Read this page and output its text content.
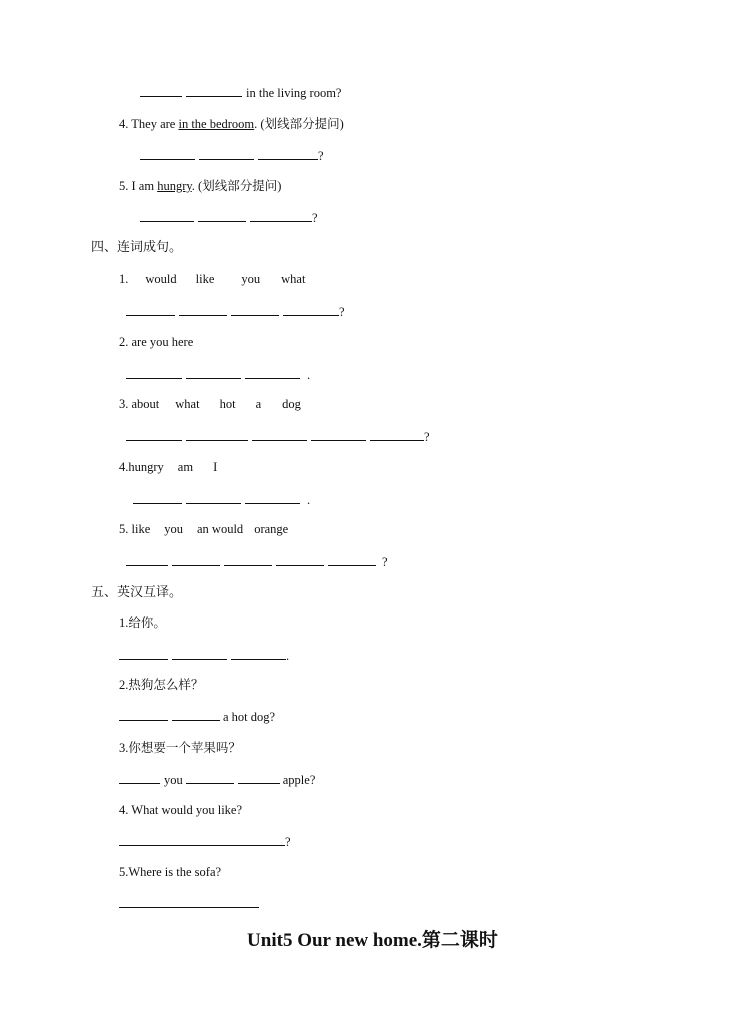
in the living room?
4. They are in the bedroom. (划线部分提问)
?
5. I am hungry. (划线部分提问)
?
四、连词成句。
1. would like you what
?
2. are you here
.
3. about what hot a dog
?
4.hungry am I
.
5. like you an would orange
?
五、英汉互译。
1.给你。
.
2.热狗怎么样？
a hot dog?
3.你想要一个苹果吗？
you	apple?
4. What would you like?
?
5.Where is the sofa?
Unit5 Our new home.第二课时
